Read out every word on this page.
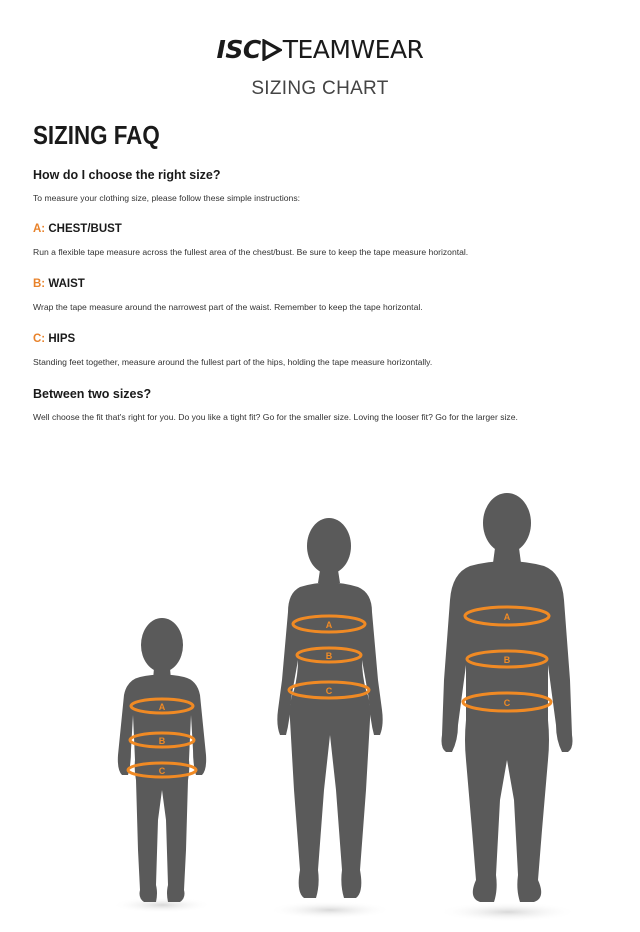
ISC TEAMWEAR
SIZING CHART
SIZING FAQ
How do I choose the right size?
To measure your clothing size, please follow these simple instructions:
A: CHEST/BUST
Run a flexible tape measure across the fullest area of the chest/bust. Be sure to keep the tape measure horizontal.
B: WAIST
Wrap the tape measure around the narrowest part of the waist. Remember to keep the tape horizontal.
C: HIPS
Standing feet together, measure around the fullest part of the hips, holding the tape measure horizontally.
Between two sizes?
Well choose the fit that's right for you. Do you like a tight fit? Go for the smaller size. Loving the looser fit? Go for the larger size.
A
B
C
A
B
C
A
B
C
